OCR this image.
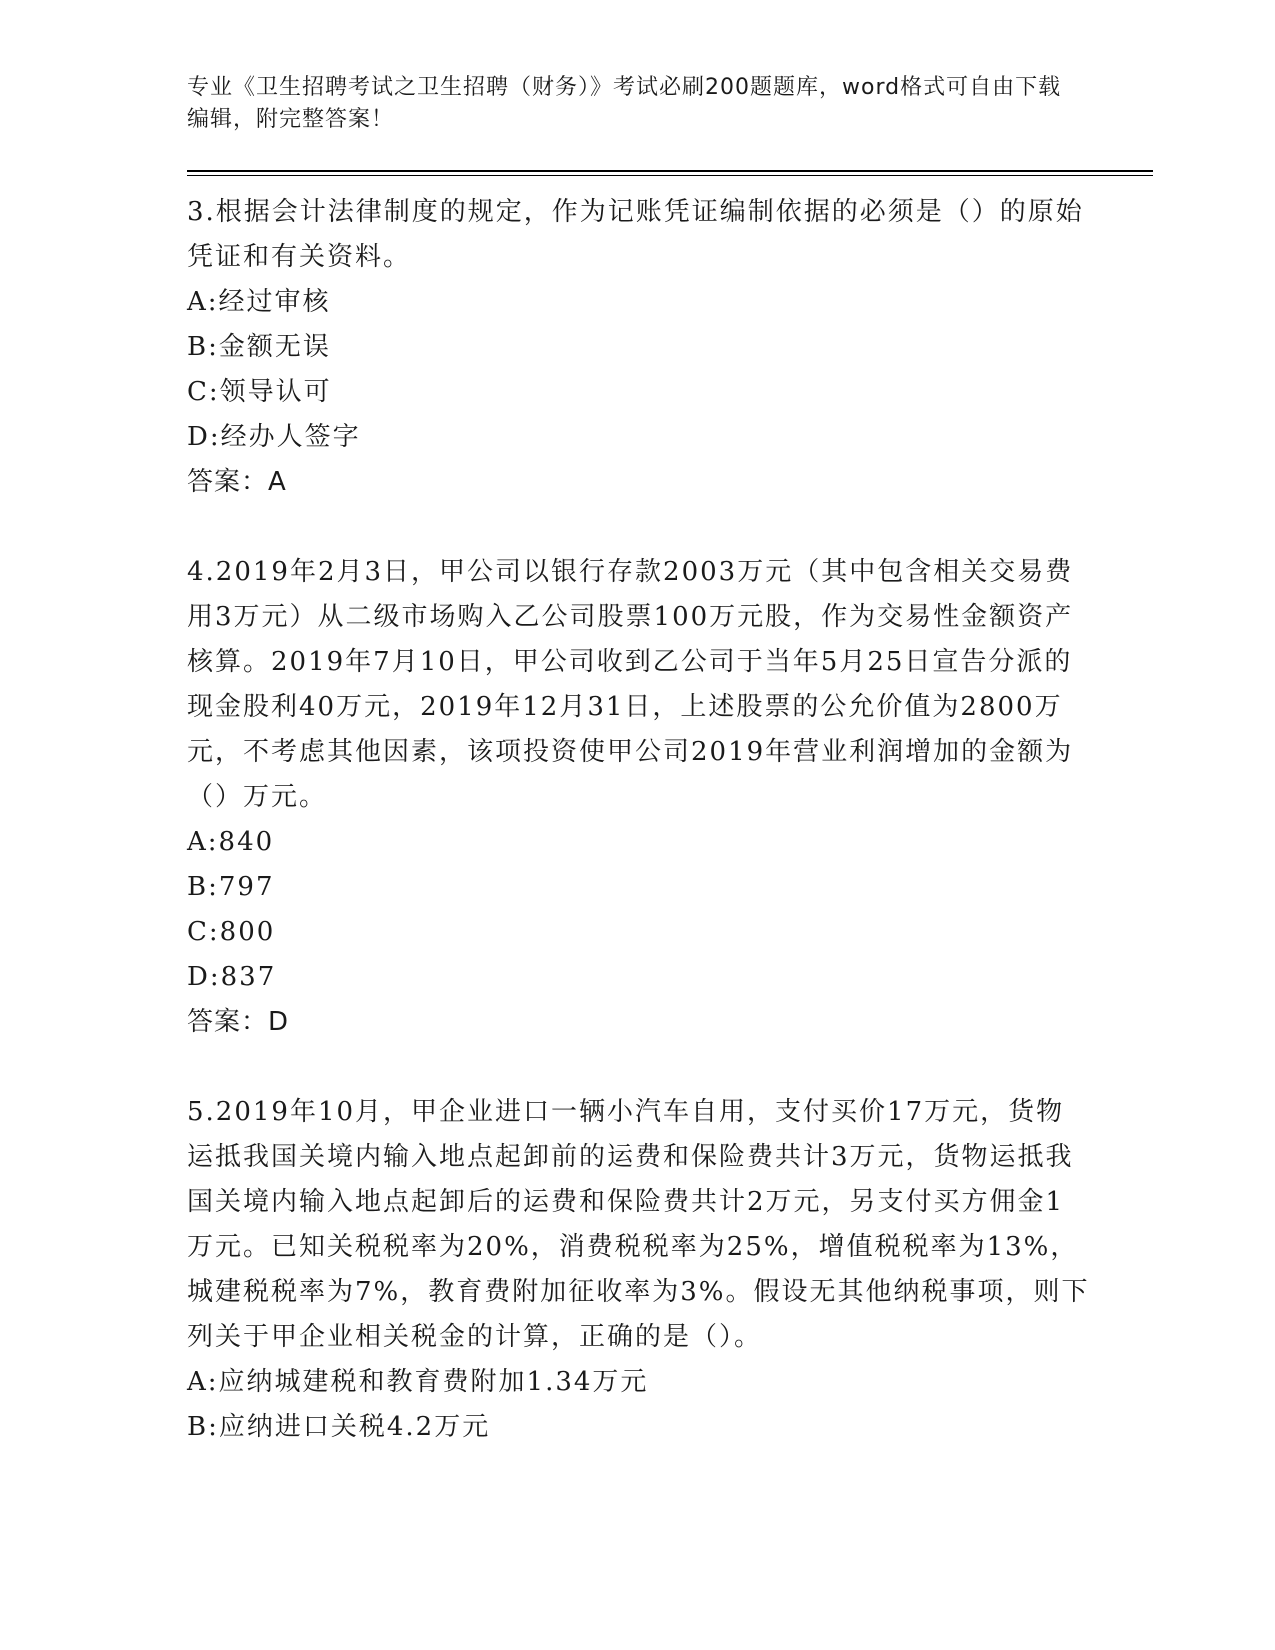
专业《卫生招聘考试之卫生招聘（财务）》考试必刷200题题库，word格式可自由下载编辑，附完整答案！

3.根据会计法律制度的规定，作为记账凭证编制依据的必须是（）的原始凭证和有关资料。

A:经过审核

B:金额无误

C:领导认可

D:经办人签字

答案：A

4.2019年2月3日，甲公司以银行存款2003万元（其中包含相关交易费用3万元）从二级市场购入乙公司股票100万元股，作为交易性金额资产核算。2019年7月10日，甲公司收到乙公司于当年5月25日宣告分派的现金股利40万元，2019年12月31日，上述股票的公允价值为2800万元，不考虑其他因素，该项投资使甲公司2019年营业利润增加的金额为（）万元。

A:840

B:797

C:800

D:837

答案：D

5.2019年10月，甲企业进口一辆小汽车自用，支付买价17万元，货物运抵我国关境内输入地点起卸前的运费和保险费共计3万元，货物运抵我国关境内输入地点起卸后的运费和保险费共计2万元，另支付买方佣金1万元。已知关税税率为20%，消费税税率为25%，增值税税率为13%，城建税税率为7%，教育费附加征收率为3%。假设无其他纳税事项，则下列关于甲企业相关税金的计算，正确的是（）。

A:应纳城建税和教育费附加1.34万元

B:应纳进口关税4.2万元
